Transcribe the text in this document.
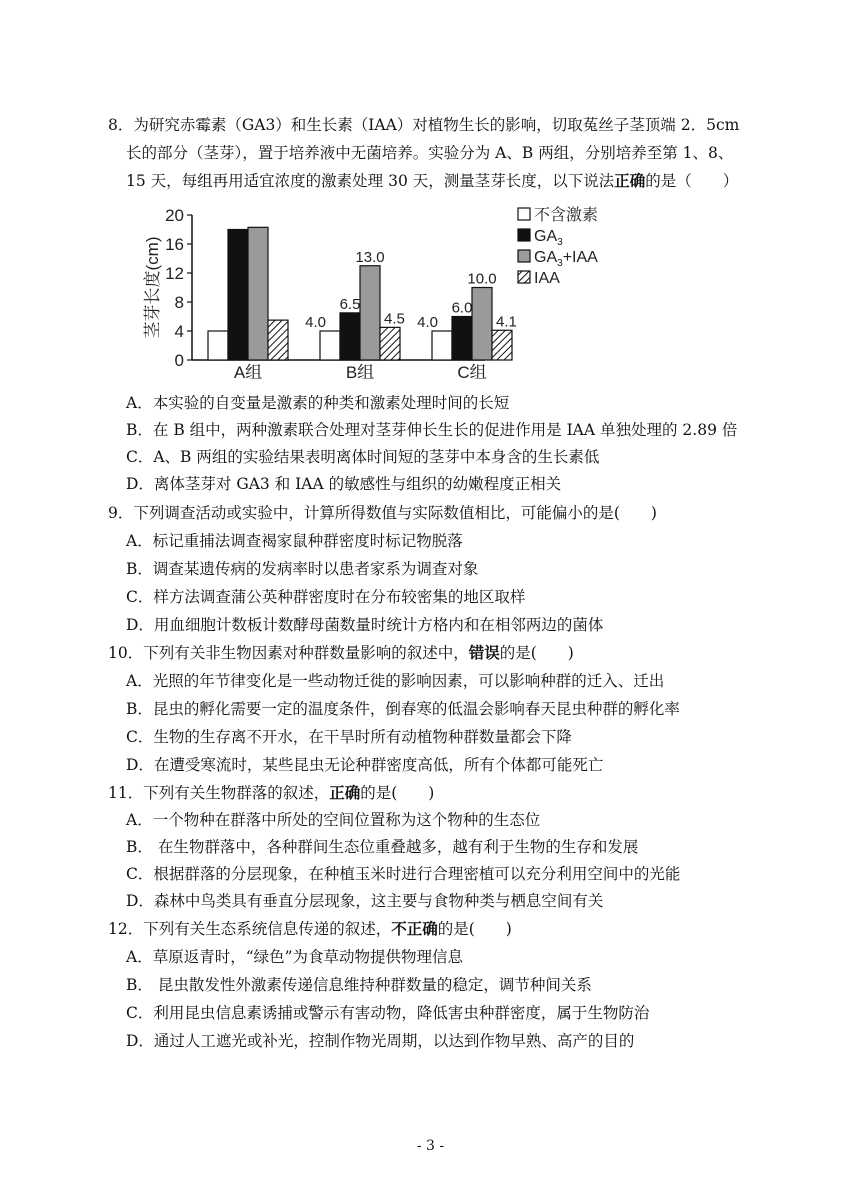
8．为研究赤霉素（GA3）和生长素（IAA）对植物生长的影响，切取菟丝子茎顶端 2．5cm
长的部分（茎芽），置于培养液中无菌培养。实验分为 A、B 两组，分别培养至第 1、8、
15 天，每组再用适宜浓度的激素处理 30 天，测量茎芽长度，以下说法正确的是（　　）
0
4
8
12
16
20
茎芽长度(cm)
A组
4.0
6.5
13.0
4.5
B组
4.0
6.0
10.0
4.1
C组
不含激素
$GA_3$
$GA_3+IAA$
IAA
A．本实验的自变量是激素的种类和激素处理时间的长短
B．在 B 组中，两种激素联合处理对茎芽伸长生长的促进作用是 IAA 单独处理的 2.89 倍
C．A、B 两组的实验结果表明离体时间短的茎芽中本身含的生长素低
D．离体茎芽对 GA3 和 IAA 的敏感性与组织的幼嫩程度正相关
9．下列调查活动或实验中，计算所得数值与实际数值相比，可能偏小的是(　　)
A．标记重捕法调查褐家鼠种群密度时标记物脱落
B．调查某遗传病的发病率时以患者家系为调查对象
C．样方法调查蒲公英种群密度时在分布较密集的地区取样
D．用血细胞计数板计数酵母菌数量时统计方格内和在相邻两边的菌体
10．下列有关非生物因素对种群数量影响的叙述中，错误的是(　　)
A．光照的年节律变化是一些动物迁徙的影响因素，可以影响种群的迁入、迁出
B．昆虫的孵化需要一定的温度条件，倒春寒的低温会影响春天昆虫种群的孵化率
C．生物的生存离不开水，在干旱时所有动植物种群数量都会下降
D．在遭受寒流时，某些昆虫无论种群密度高低，所有个体都可能死亡
11．下列有关生物群落的叙述，正确的是(　　)
A．一个物种在群落中所处的空间位置称为这个物种的生态位
B． 在生物群落中，各种群间生态位重叠越多，越有利于生物的生存和发展
C．根据群落的分层现象，在种植玉米时进行合理密植可以充分利用空间中的光能
D．森林中鸟类具有垂直分层现象，这主要与食物种类与栖息空间有关
12．下列有关生态系统信息传递的叙述，不正确的是(　　)
A．草原返青时，“绿色”为食草动物提供物理信息
B． 昆虫散发性外激素传递信息维持种群数量的稳定，调节种间关系
C．利用昆虫信息素诱捕或警示有害动物，降低害虫种群密度，属于生物防治
D．通过人工遮光或补光，控制作物光周期，以达到作物早熟、高产的目的
- 3 -
